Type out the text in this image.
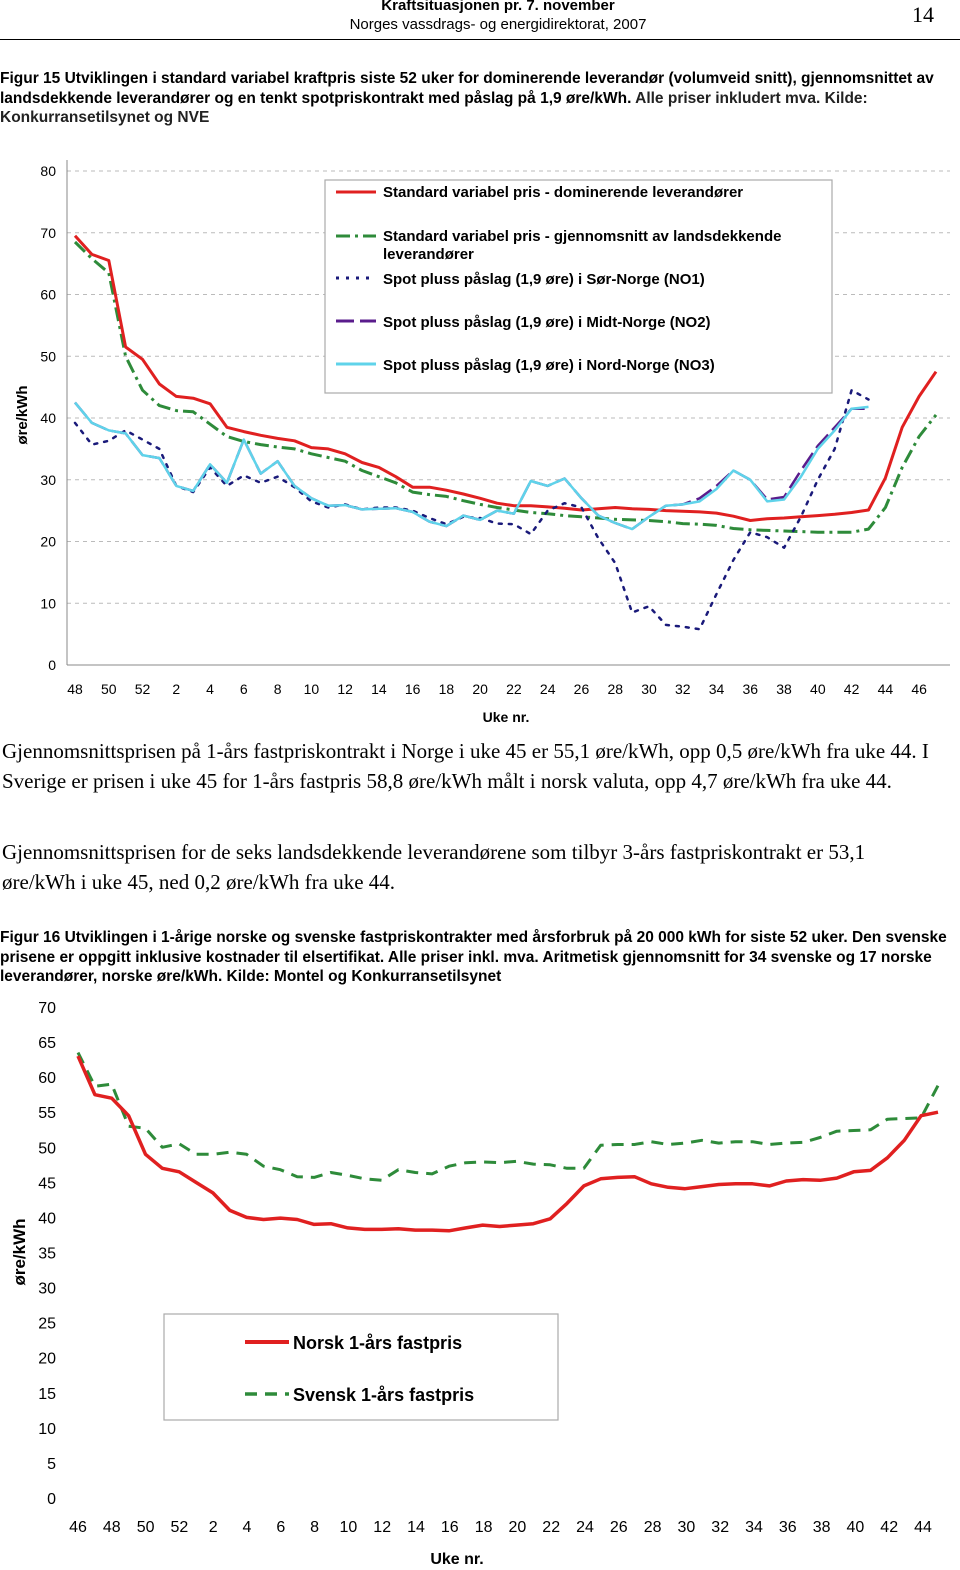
Kraftsituasjonen pr. 7. november
Norges vassdrags- og energidirektorat, 2007	14
Figur 15 Utviklingen i standard variabel kraftpris siste 52 uker for dominerende leverandør (volumveid snitt), gjennomsnittet av landsdekkende leverandører og en tenkt spotpriskontrakt med påslag på 1,9 øre/kWh. Alle priser inkludert mva. Kilde: Konkurransetilsynet og NVE
0
10
20
30
40
50
60
70
80
48 50 52 2 4 6 8 10 12 14 16 18 20 22 24 26 28 30 32 34 36 38 40 42 44 46
Uke nr.
øre/kWh
Standard variabel pris - dominerende leverandører
Standard variabel pris - gjennomsnitt av landsdekkende
leverandører
Spot pluss påslag (1,9 øre) i Sør-Norge (NO1)
Spot pluss påslag (1,9 øre) i Midt-Norge (NO2)
Spot pluss påslag (1,9 øre) i Nord-Norge (NO3)
Gjennomsnittsprisen på 1-års fastpriskontrakt i Norge i uke 45 er 55,1 øre/kWh, opp 0,5 øre/kWh fra uke 44. I Sverige er prisen i uke 45 for 1-års fastpris 58,8 øre/kWh målt i norsk valuta, opp 4,7 øre/kWh fra uke 44.
Gjennomsnittsprisen for de seks landsdekkende leverandørene som tilbyr 3-års fastpriskontrakt er 53,1 øre/kWh i uke 45, ned 0,2 øre/kWh fra uke 44.
Figur 16 Utviklingen i 1-årige norske og svenske fastpriskontrakter med årsforbruk på 20 000 kWh for siste 52 uker. Den svenske prisene er oppgitt inklusive kostnader til elsertifikat. Alle priser inkl. mva. Aritmetisk gjennomsnitt for 34 svenske og 17 norske leverandører, norske øre/kWh. Kilde: Montel og Konkurransetilsynet
0
5
10
15
20
25
30
35
40
45
50
55
60
65
70
46 48 50 52 2 4 6 8 10 12 14 16 18 20 22 24 26 28 30 32 34 36 38 40 42 44
Uke nr.
øre/kWh
Norsk 1-års fastpris
Svensk 1-års fastpris
